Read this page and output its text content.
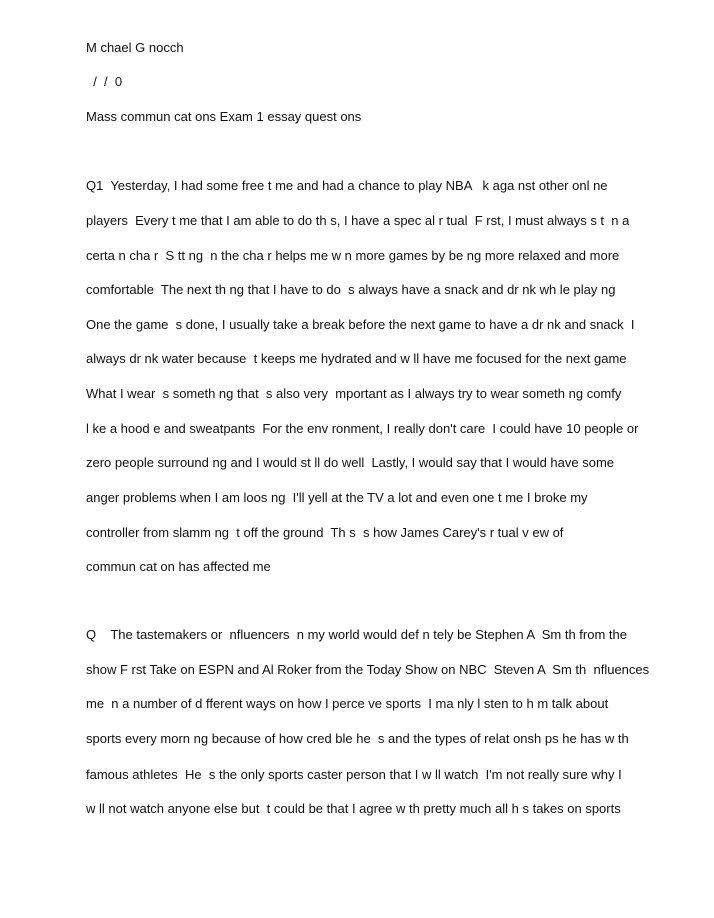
M chael G nocch
/  /  0
Mass commun cat ons Exam 1 essay quest ons
Q1  Yesterday, I had some free t me and had a chance to play NBA   k aga nst other onl ne
players  Every t me that I am able to do th s, I have a spec al r tual  F rst, I must always s t  n a
certa n cha r  S tt ng  n the cha r helps me w n more games by be ng more relaxed and more
comfortable  The next th ng that I have to do  s always have a snack and dr nk wh le play ng
One the game  s done, I usually take a break before the next game to have a dr nk and snack  I
always dr nk water because  t keeps me hydrated and w ll have me focused for the next game
What I wear  s someth ng that  s also very  mportant as I always try to wear someth ng comfy
l ke a hood e and sweatpants  For the env ronment, I really don't care  I could have 10 people or
zero people surround ng and I would st ll do well  Lastly, I would say that I would have some
anger problems when I am loos ng  I'll yell at the TV a lot and even one t me I broke my
controller from slamm ng  t off the ground  Th s  s how James Carey's r tual v ew of
commun cat on has affected me
Q    The tastemakers or  nfluencers  n my world would def n tely be Stephen A  Sm th from the
show F rst Take on ESPN and Al Roker from the Today Show on NBC  Steven A  Sm th  nfluences
me  n a number of d fferent ways on how I perce ve sports  I ma nly l sten to h m talk about
sports every morn ng because of how cred ble he  s and the types of relat onsh ps he has w th
famous athletes  He  s the only sports caster person that I w ll watch  I'm not really sure why I
w ll not watch anyone else but  t could be that I agree w th pretty much all h s takes on sports
